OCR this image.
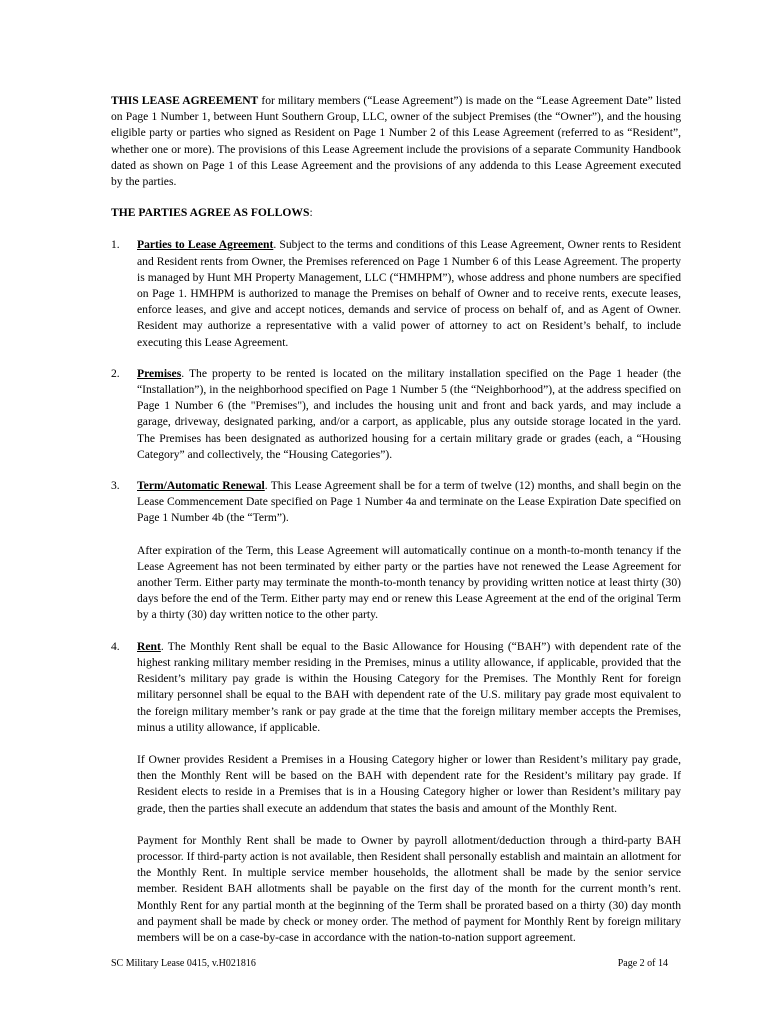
THIS LEASE AGREEMENT for military members (“Lease Agreement”) is made on the “Lease Agreement Date” listed on Page 1 Number 1, between Hunt Southern Group, LLC, owner of the subject Premises (the “Owner”), and the housing eligible party or parties who signed as Resident on Page 1 Number 2 of this Lease Agreement (referred to as “Resident”, whether one or more). The provisions of this Lease Agreement include the provisions of a separate Community Handbook dated as shown on Page 1 of this Lease Agreement and the provisions of any addenda to this Lease Agreement executed by the parties.

THE PARTIES AGREE AS FOLLOWS:

1. Parties to Lease Agreement. Subject to the terms and conditions of this Lease Agreement, Owner rents to Resident and Resident rents from Owner, the Premises referenced on Page 1 Number 6 of this Lease Agreement. The property is managed by Hunt MH Property Management, LLC (“HMHPM”), whose address and phone numbers are specified on Page 1. HMHPM is authorized to manage the Premises on behalf of Owner and to receive rents, execute leases, enforce leases, and give and accept notices, demands and service of process on behalf of, and as Agent of Owner. Resident may authorize a representative with a valid power of attorney to act on Resident’s behalf, to include executing this Lease Agreement.

2. Premises. The property to be rented is located on the military installation specified on the Page 1 header (the “Installation”), in the neighborhood specified on Page 1 Number 5 (the “Neighborhood”), at the address specified on Page 1 Number 6 (the "Premises"), and includes the housing unit and front and back yards, and may include a garage, driveway, designated parking, and/or a carport, as applicable, plus any outside storage located in the yard. The Premises has been designated as authorized housing for a certain military grade or grades (each, a “Housing Category” and collectively, the “Housing Categories”).

3. Term/Automatic Renewal. This Lease Agreement shall be for a term of twelve (12) months, and shall begin on the Lease Commencement Date specified on Page 1 Number 4a and terminate on the Lease Expiration Date specified on Page 1 Number 4b (the “Term”).

After expiration of the Term, this Lease Agreement will automatically continue on a month-to-month tenancy if the Lease Agreement has not been terminated by either party or the parties have not renewed the Lease Agreement for another Term. Either party may terminate the month-to-month tenancy by providing written notice at least thirty (30) days before the end of the Term. Either party may end or renew this Lease Agreement at the end of the original Term by a thirty (30) day written notice to the other party.

4. Rent. The Monthly Rent shall be equal to the Basic Allowance for Housing (“BAH”) with dependent rate of the highest ranking military member residing in the Premises, minus a utility allowance, if applicable, provided that the Resident’s military pay grade is within the Housing Category for the Premises. The Monthly Rent for foreign military personnel shall be equal to the BAH with dependent rate of the U.S. military pay grade most equivalent to the foreign military member’s rank or pay grade at the time that the foreign military member accepts the Premises, minus a utility allowance, if applicable.

If Owner provides Resident a Premises in a Housing Category higher or lower than Resident’s military pay grade, then the Monthly Rent will be based on the BAH with dependent rate for the Resident’s military pay grade. If Resident elects to reside in a Premises that is in a Housing Category higher or lower than Resident’s military pay grade, then the parties shall execute an addendum that states the basis and amount of the Monthly Rent.

Payment for Monthly Rent shall be made to Owner by payroll allotment/deduction through a third-party BAH processor. If third-party action is not available, then Resident shall personally establish and maintain an allotment for the Monthly Rent. In multiple service member households, the allotment shall be made by the senior service member. Resident BAH allotments shall be payable on the first day of the month for the current month’s rent. Monthly Rent for any partial month at the beginning of the Term shall be prorated based on a thirty (30) day month and payment shall be made by check or money order. The method of payment for Monthly Rent by foreign military members will be on a case-by-case in accordance with the nation-to-nation support agreement.

SC Military Lease 0415, v.H021816	Page 2 of 14
